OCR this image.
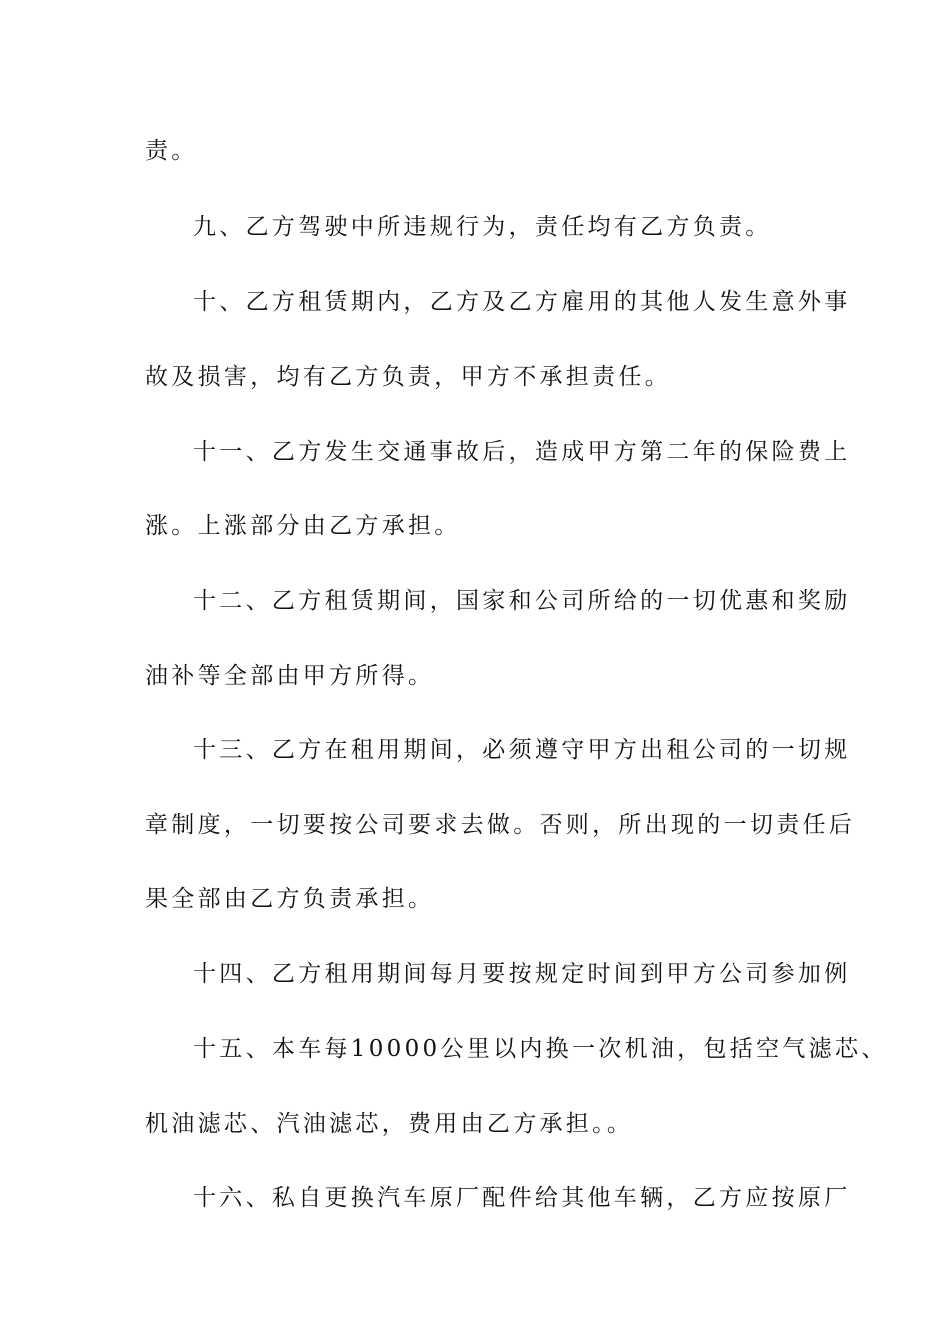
责。
九、乙方驾驶中所违规行为，责任均有乙方负责。
十、乙方租赁期内，乙方及乙方雇用的其他人发生意外事
故及损害，均有乙方负责，甲方不承担责任。
十一、乙方发生交通事故后，造成甲方第二年的保险费上
涨。上涨部分由乙方承担。
十二、乙方租赁期间，国家和公司所给的一切优惠和奖励
油补等全部由甲方所得。
十三、乙方在租用期间，必须遵守甲方出租公司的一切规
章制度，一切要按公司要求去做。否则，所出现的一切责任后
果全部由乙方负责承担。
十四、乙方租用期间每月要按规定时间到甲方公司参加例
十五、本车每10000公里以内换一次机油，包括空气滤芯、
机油滤芯、汽油滤芯，费用由乙方承担。。
十六、私自更换汽车原厂配件给其他车辆，乙方应按原厂
